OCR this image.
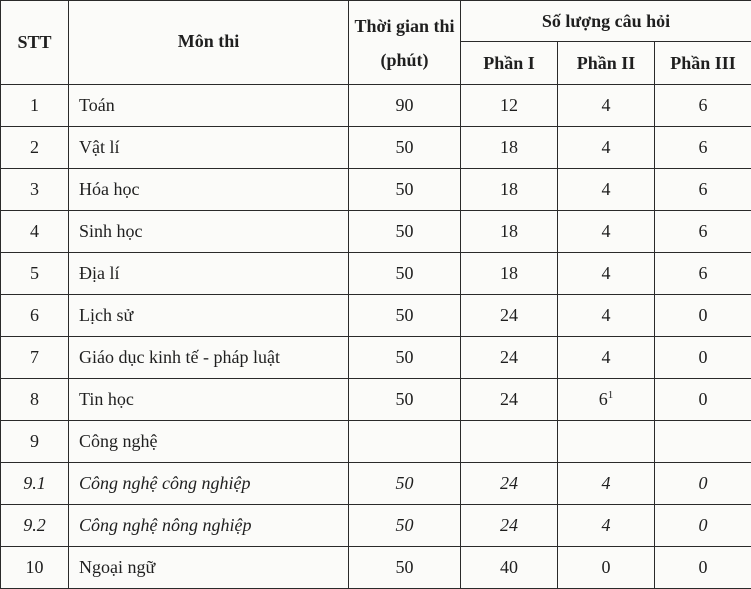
STT	Môn thi	Thời gian thi (phút)	Số lượng câu hỏi		
			Phần I	Phần II	Phần III
1	Toán	90	12	4	6
2	Vật lí	50	18	4	6
3	Hóa học	50	18	4	6
4	Sinh học	50	18	4	6
5	Địa lí	50	18	4	6
6	Lịch sử	50	24	4	0
7	Giáo dục kinh tế - pháp luật	50	24	4	0
8	Tin học	50	24	$6^1$	0
9	Công nghệ				
9.1	Công nghệ công nghiệp	50	24	4	0
9.2	Công nghệ nông nghiệp	50	24	4	0
10	Ngoại ngữ	50	40	0	0
